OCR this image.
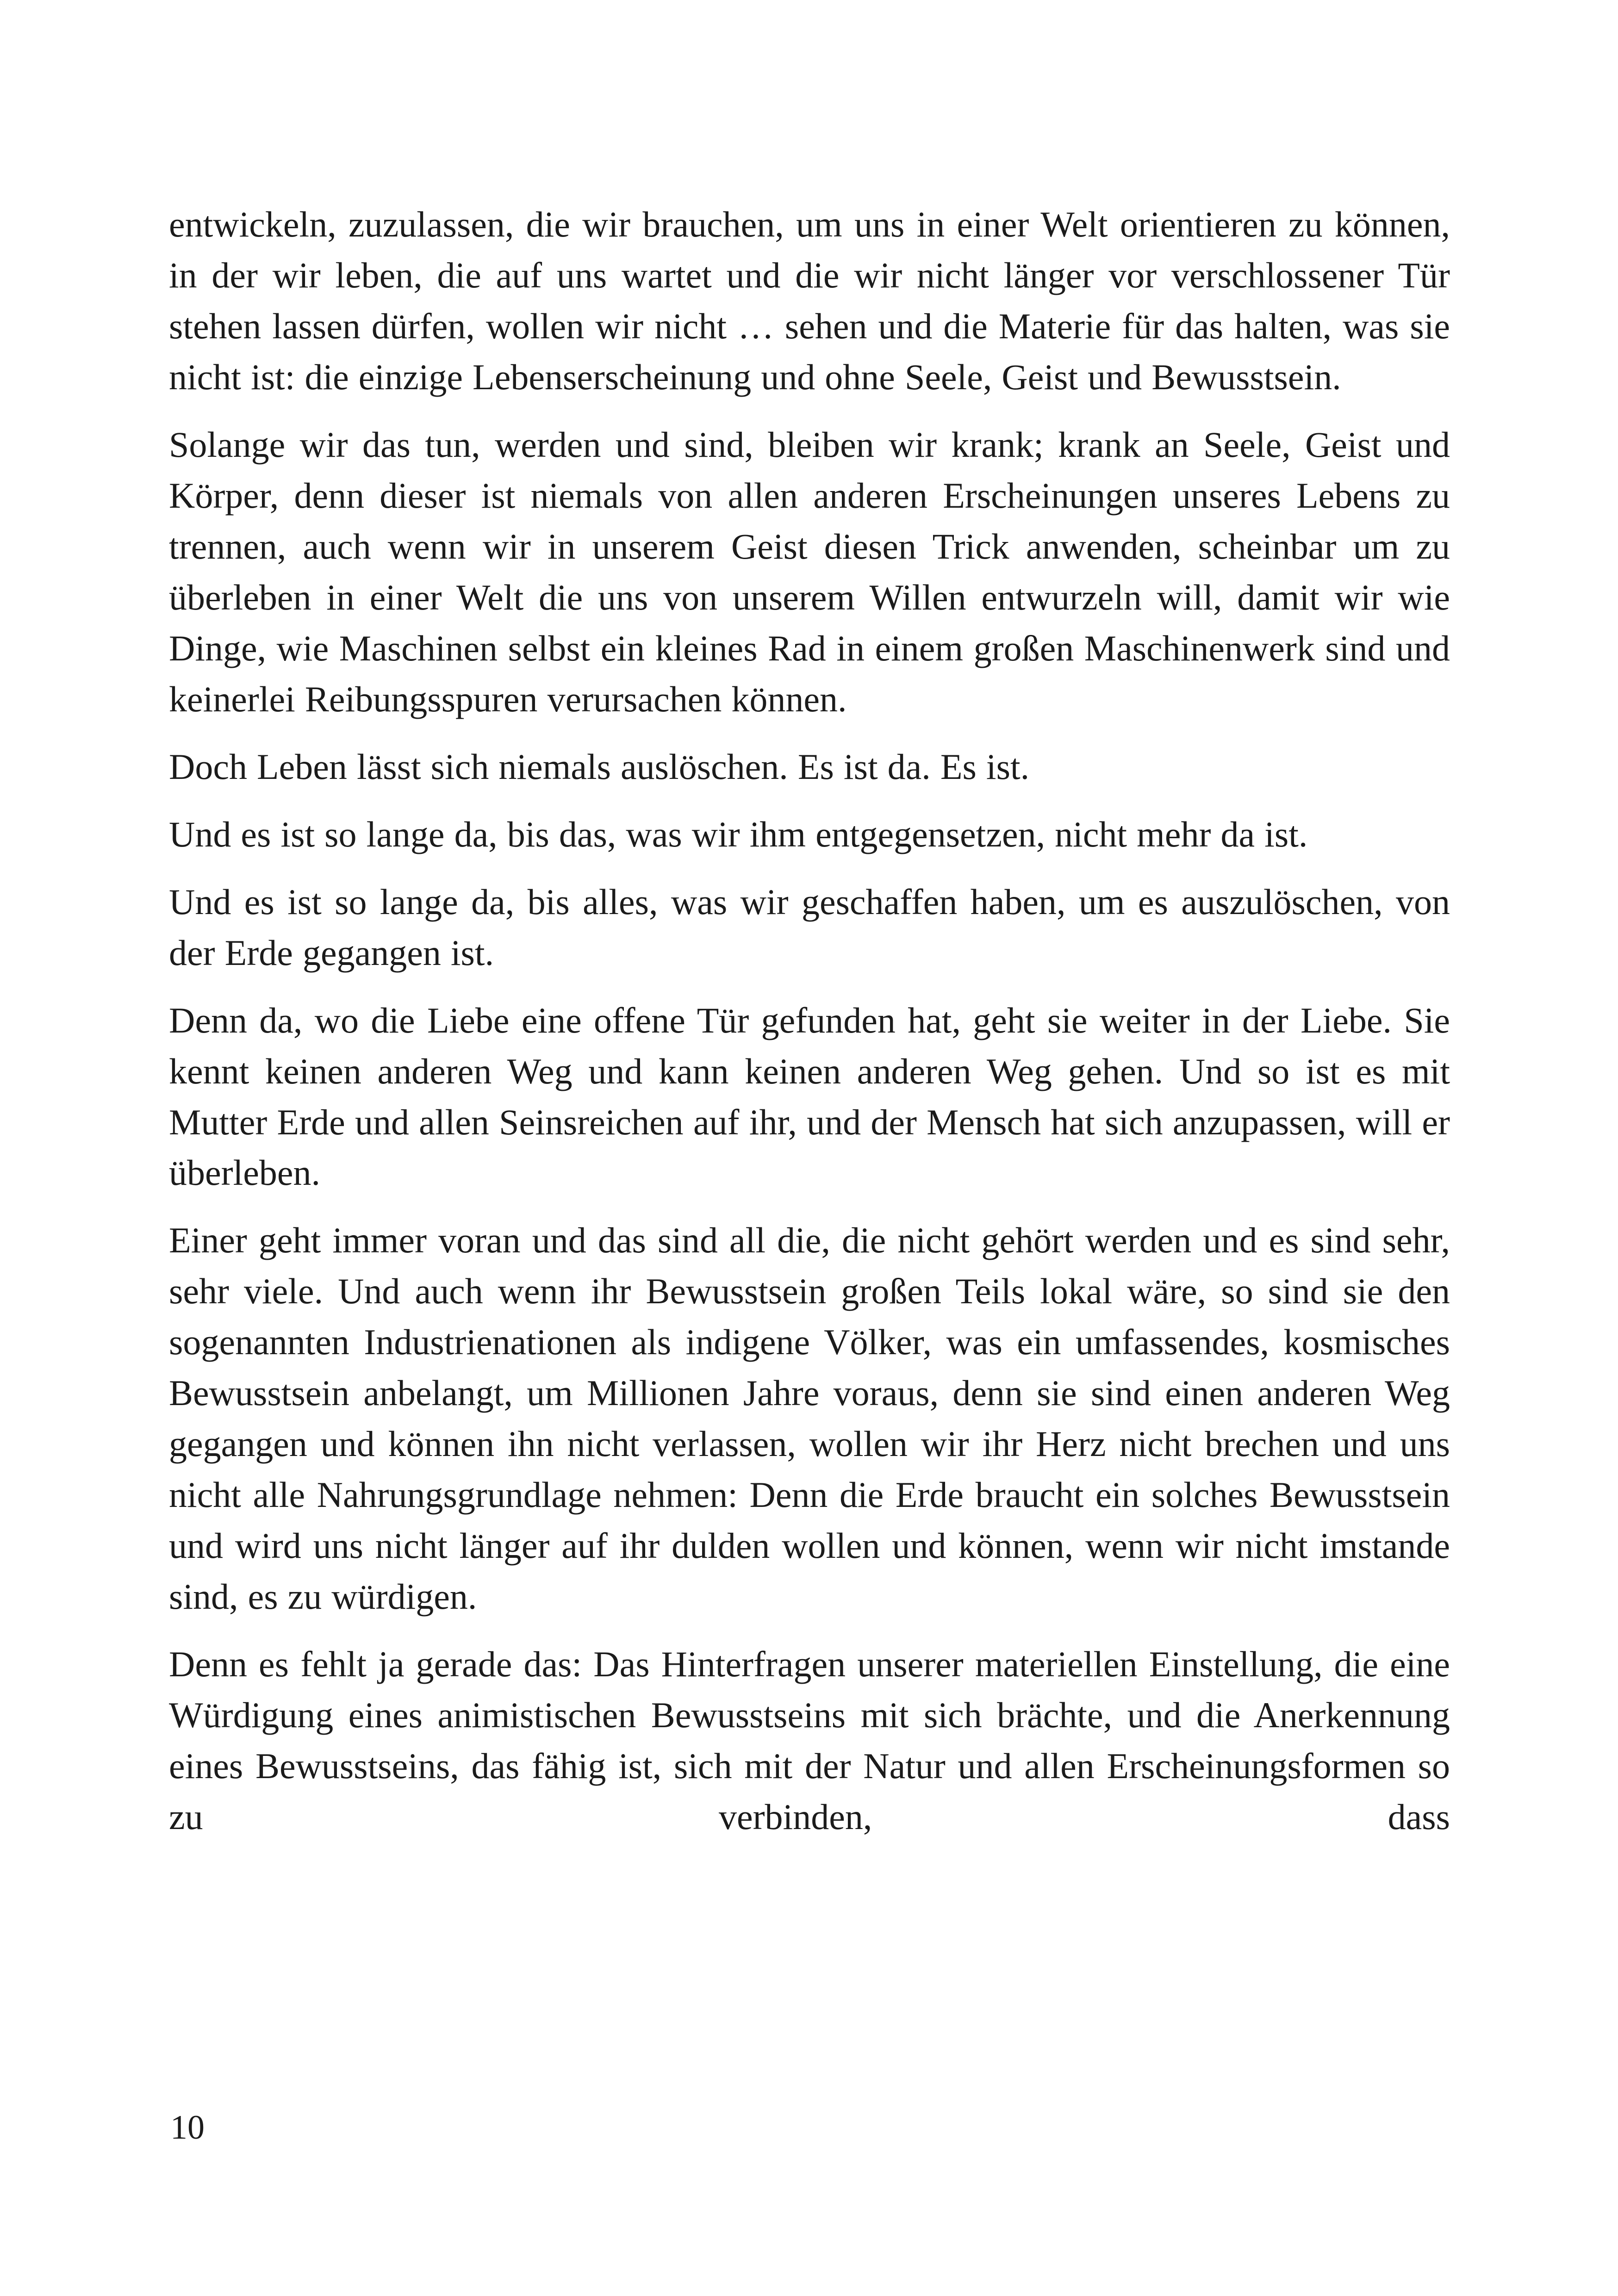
entwickeln, zuzulassen, die wir brauchen, um uns in einer Welt orientieren zu können, in der wir leben, die auf uns wartet und die wir nicht länger vor verschlossener Tür stehen lassen dürfen, wollen wir nicht … sehen und die Materie für das halten, was sie nicht ist: die einzige Lebenserscheinung und ohne Seele, Geist und Bewusstsein.

Solange wir das tun, werden und sind, bleiben wir krank; krank an Seele, Geist und Körper, denn dieser ist niemals von allen anderen Erscheinungen unseres Lebens zu trennen, auch wenn wir in unserem Geist diesen Trick anwenden, scheinbar um zu überleben in einer Welt die uns von unserem Willen entwurzeln will, damit wir wie Dinge, wie Maschinen selbst ein kleines Rad in einem großen Maschinenwerk sind und keinerlei Reibungsspuren verursachen können.

Doch Leben lässt sich niemals auslöschen. Es ist da. Es ist.

Und es ist so lange da, bis das, was wir ihm entgegensetzen, nicht mehr da ist.

Und es ist so lange da, bis alles, was wir geschaffen haben, um es auszulöschen, von der Erde gegangen ist.

Denn da, wo die Liebe eine offene Tür gefunden hat, geht sie weiter in der Liebe. Sie kennt keinen anderen Weg und kann keinen anderen Weg gehen. Und so ist es mit Mutter Erde und allen Seinsreichen auf ihr, und der Mensch hat sich anzupassen, will er überleben.

Einer geht immer voran und das sind all die, die nicht gehört werden und es sind sehr, sehr viele. Und auch wenn ihr Bewusstsein großen Teils lokal wäre, so sind sie den sogenannten Industrienationen als indigene Völker, was ein umfassendes, kosmisches Bewusstsein anbelangt, um Millionen Jahre voraus, denn sie sind einen anderen Weg gegangen und können ihn nicht verlassen, wollen wir ihr Herz nicht brechen und uns nicht alle Nahrungsgrundlage nehmen: Denn die Erde braucht ein solches Bewusstsein und wird uns nicht länger auf ihr dulden wollen und können, wenn wir nicht imstande sind, es zu würdigen.

Denn es fehlt ja gerade das: Das Hinterfragen unserer materiellen Einstellung, die eine Würdigung eines animistischen Bewusstseins mit sich brächte, und die Anerkennung eines Bewusstseins, das fähig ist, sich mit der Natur und allen Erscheinungsformen so zu verbinden, dass

10
